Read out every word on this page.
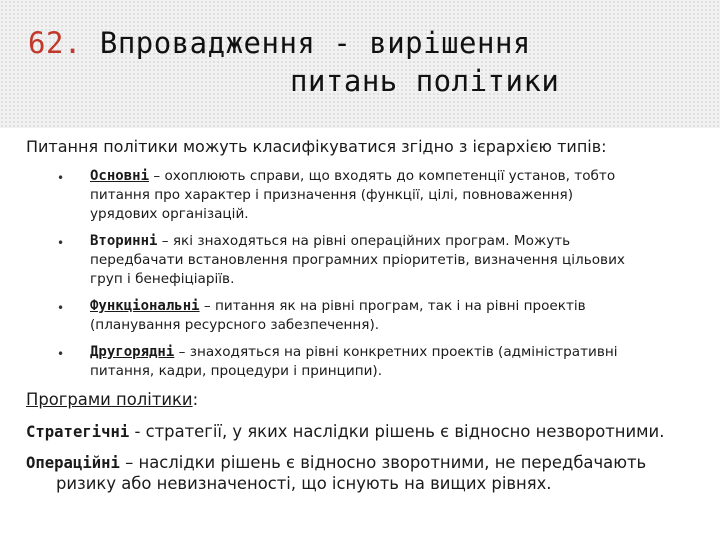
62. Впровадження - вирішення
питань політики
Питання політики можуть класифікуватися згідно з ієрархією типів:
• Основні – охоплюють справи, що входять до компетенції установ, тобто
питання про характер і призначення (функції, цілі, повноваження)
урядових організацій.
• Вторинні – які знаходяться на рівні операційних програм. Можуть
передбачати встановлення програмних пріоритетів, визначення цільових
груп і бенефіціаріїв.
• Функціональні – питання як на рівні програм, так і на рівні проектів
(планування ресурсного забезпечення).
• Другорядні – знаходяться на рівні конкретних проектів (адміністративні
питання, кадри, процедури і принципи).
Програми політики:
Стратегічні - стратегії, у яких наслідки рішень є відносно незворотними.
Операційні – наслідки рішень є відносно зворотними, не передбачають
ризику або невизначеності, що існують на вищих рівнях.
